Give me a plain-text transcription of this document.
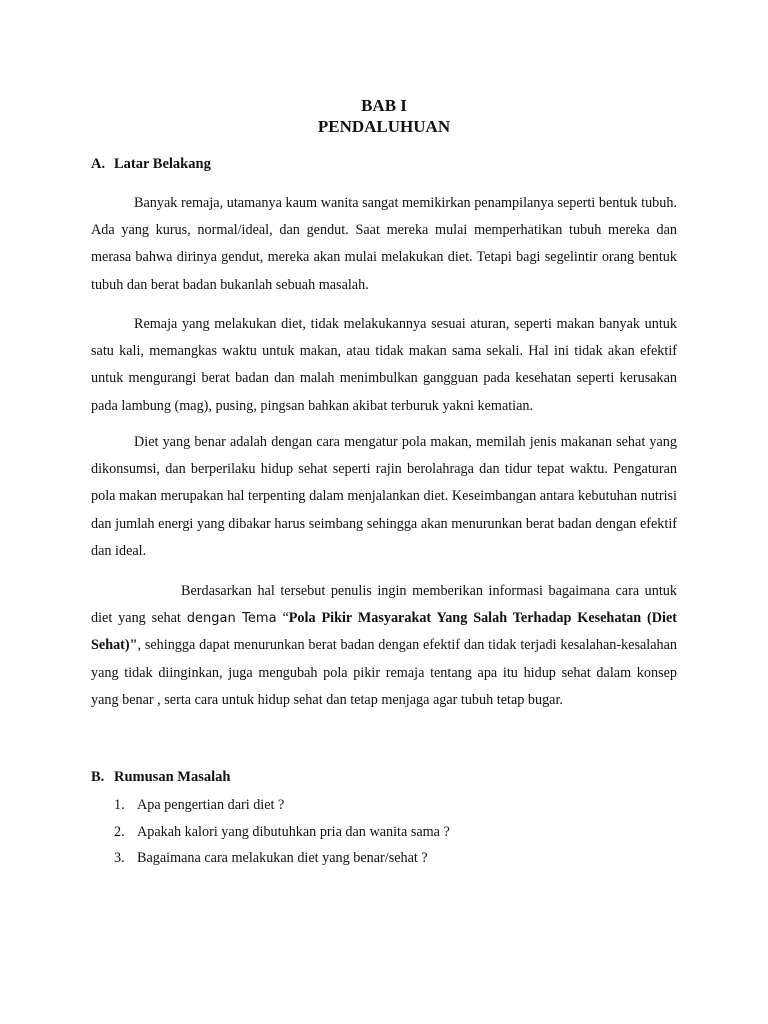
BAB I
PENDALUHUAN
A. Latar Belakang

Banyak remaja, utamanya kaum wanita sangat memikirkan penampilanya seperti bentuk tubuh. Ada yang kurus, normal/ideal, dan gendut. Saat mereka mulai memperhatikan tubuh mereka dan merasa bahwa dirinya gendut, mereka akan mulai melakukan diet. Tetapi bagi segelintir orang bentuk tubuh dan berat badan bukanlah sebuah masalah.

Remaja yang melakukan diet, tidak melakukannya sesuai aturan, seperti makan banyak untuk satu kali, memangkas waktu untuk makan, atau tidak makan sama sekali. Hal ini tidak akan efektif untuk mengurangi berat badan dan malah menimbulkan gangguan pada kesehatan seperti kerusakan pada lambung (mag), pusing, pingsan bahkan akibat terburuk yakni kematian.

Diet yang benar adalah dengan cara mengatur pola makan, memilah jenis makanan sehat yang dikonsumsi, dan berperilaku hidup sehat seperti rajin berolahraga dan tidur tepat waktu. Pengaturan pola makan merupakan hal terpenting dalam menjalankan diet. Keseimbangan antara kebutuhan nutrisi dan jumlah energi yang dibakar harus seimbang sehingga akan menurunkan berat badan dengan efektif dan ideal.

Berdasarkan hal tersebut penulis ingin memberikan informasi bagaimana cara untuk diet yang sehat dengan Tema “Pola Pikir Masyarakat Yang Salah Terhadap Kesehatan (Diet Sehat)", sehingga dapat menurunkan berat badan dengan efektif dan tidak terjadi kesalahan-kesalahan yang tidak diinginkan, juga mengubah pola pikir remaja tentang apa itu hidup sehat dalam konsep yang benar , serta cara untuk hidup sehat dan tetap menjaga agar tubuh tetap bugar.

B. Rumusan Masalah
1. Apa pengertian dari diet ?
2. Apakah kalori yang dibutuhkan pria dan wanita sama ?
3. Bagaimana cara melakukan diet yang benar/sehat ?
